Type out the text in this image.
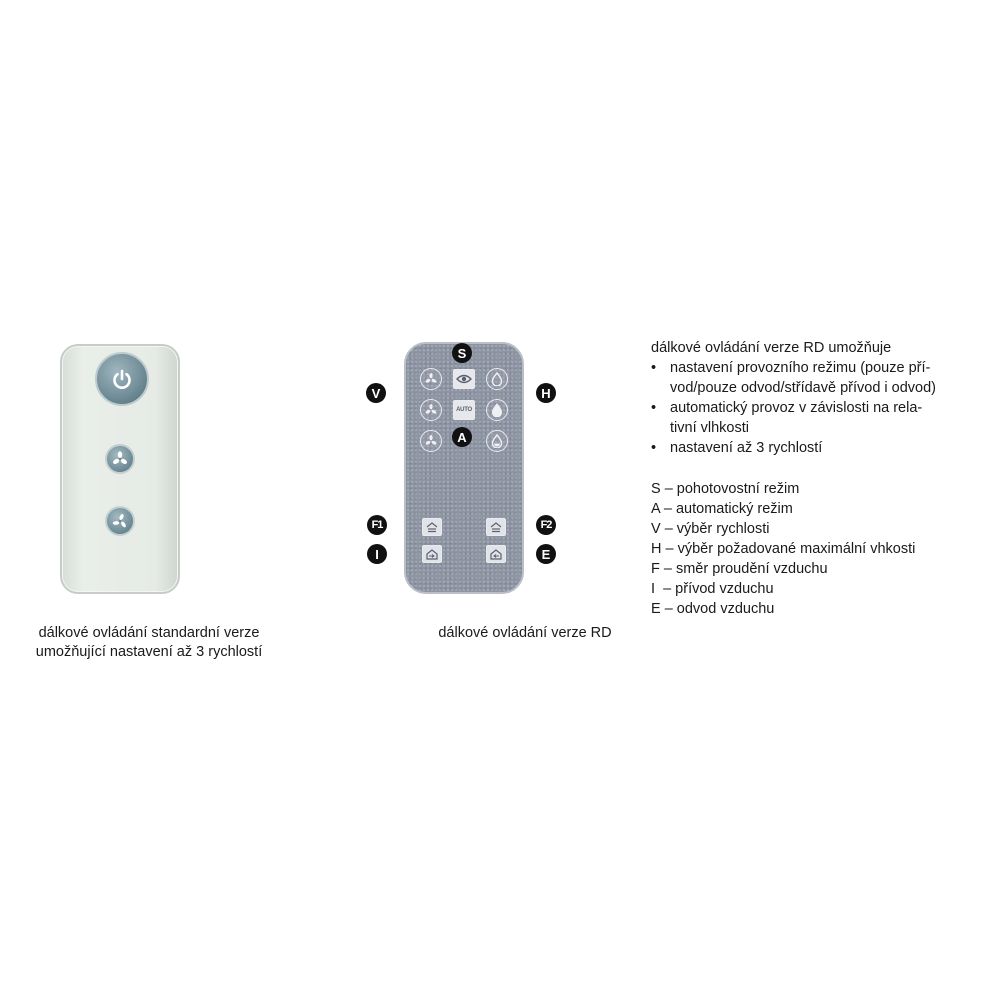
dálkové ovládání standardní verze
umožňující nastavení až 3 rychlostí
AUTO
S
A
V	H
F1	F2
I	E
dálkové ovládání verze RD
dálkové ovládání verze RD umožňuje
• nastavení provozního režimu (pouze pří-
vod/pouze odvod/střídavě přívod i odvod)
• automatický provoz v závislosti na rela-
tivní vlhkosti
• nastavení až 3 rychlostí
S – pohotovostní režim
A – automatický režim
V – výběr rychlosti
H – výběr požadované maximální vhkosti
F – směr proudění vzduchu
I  – přívod vzduchu
E – odvod vzduchu
